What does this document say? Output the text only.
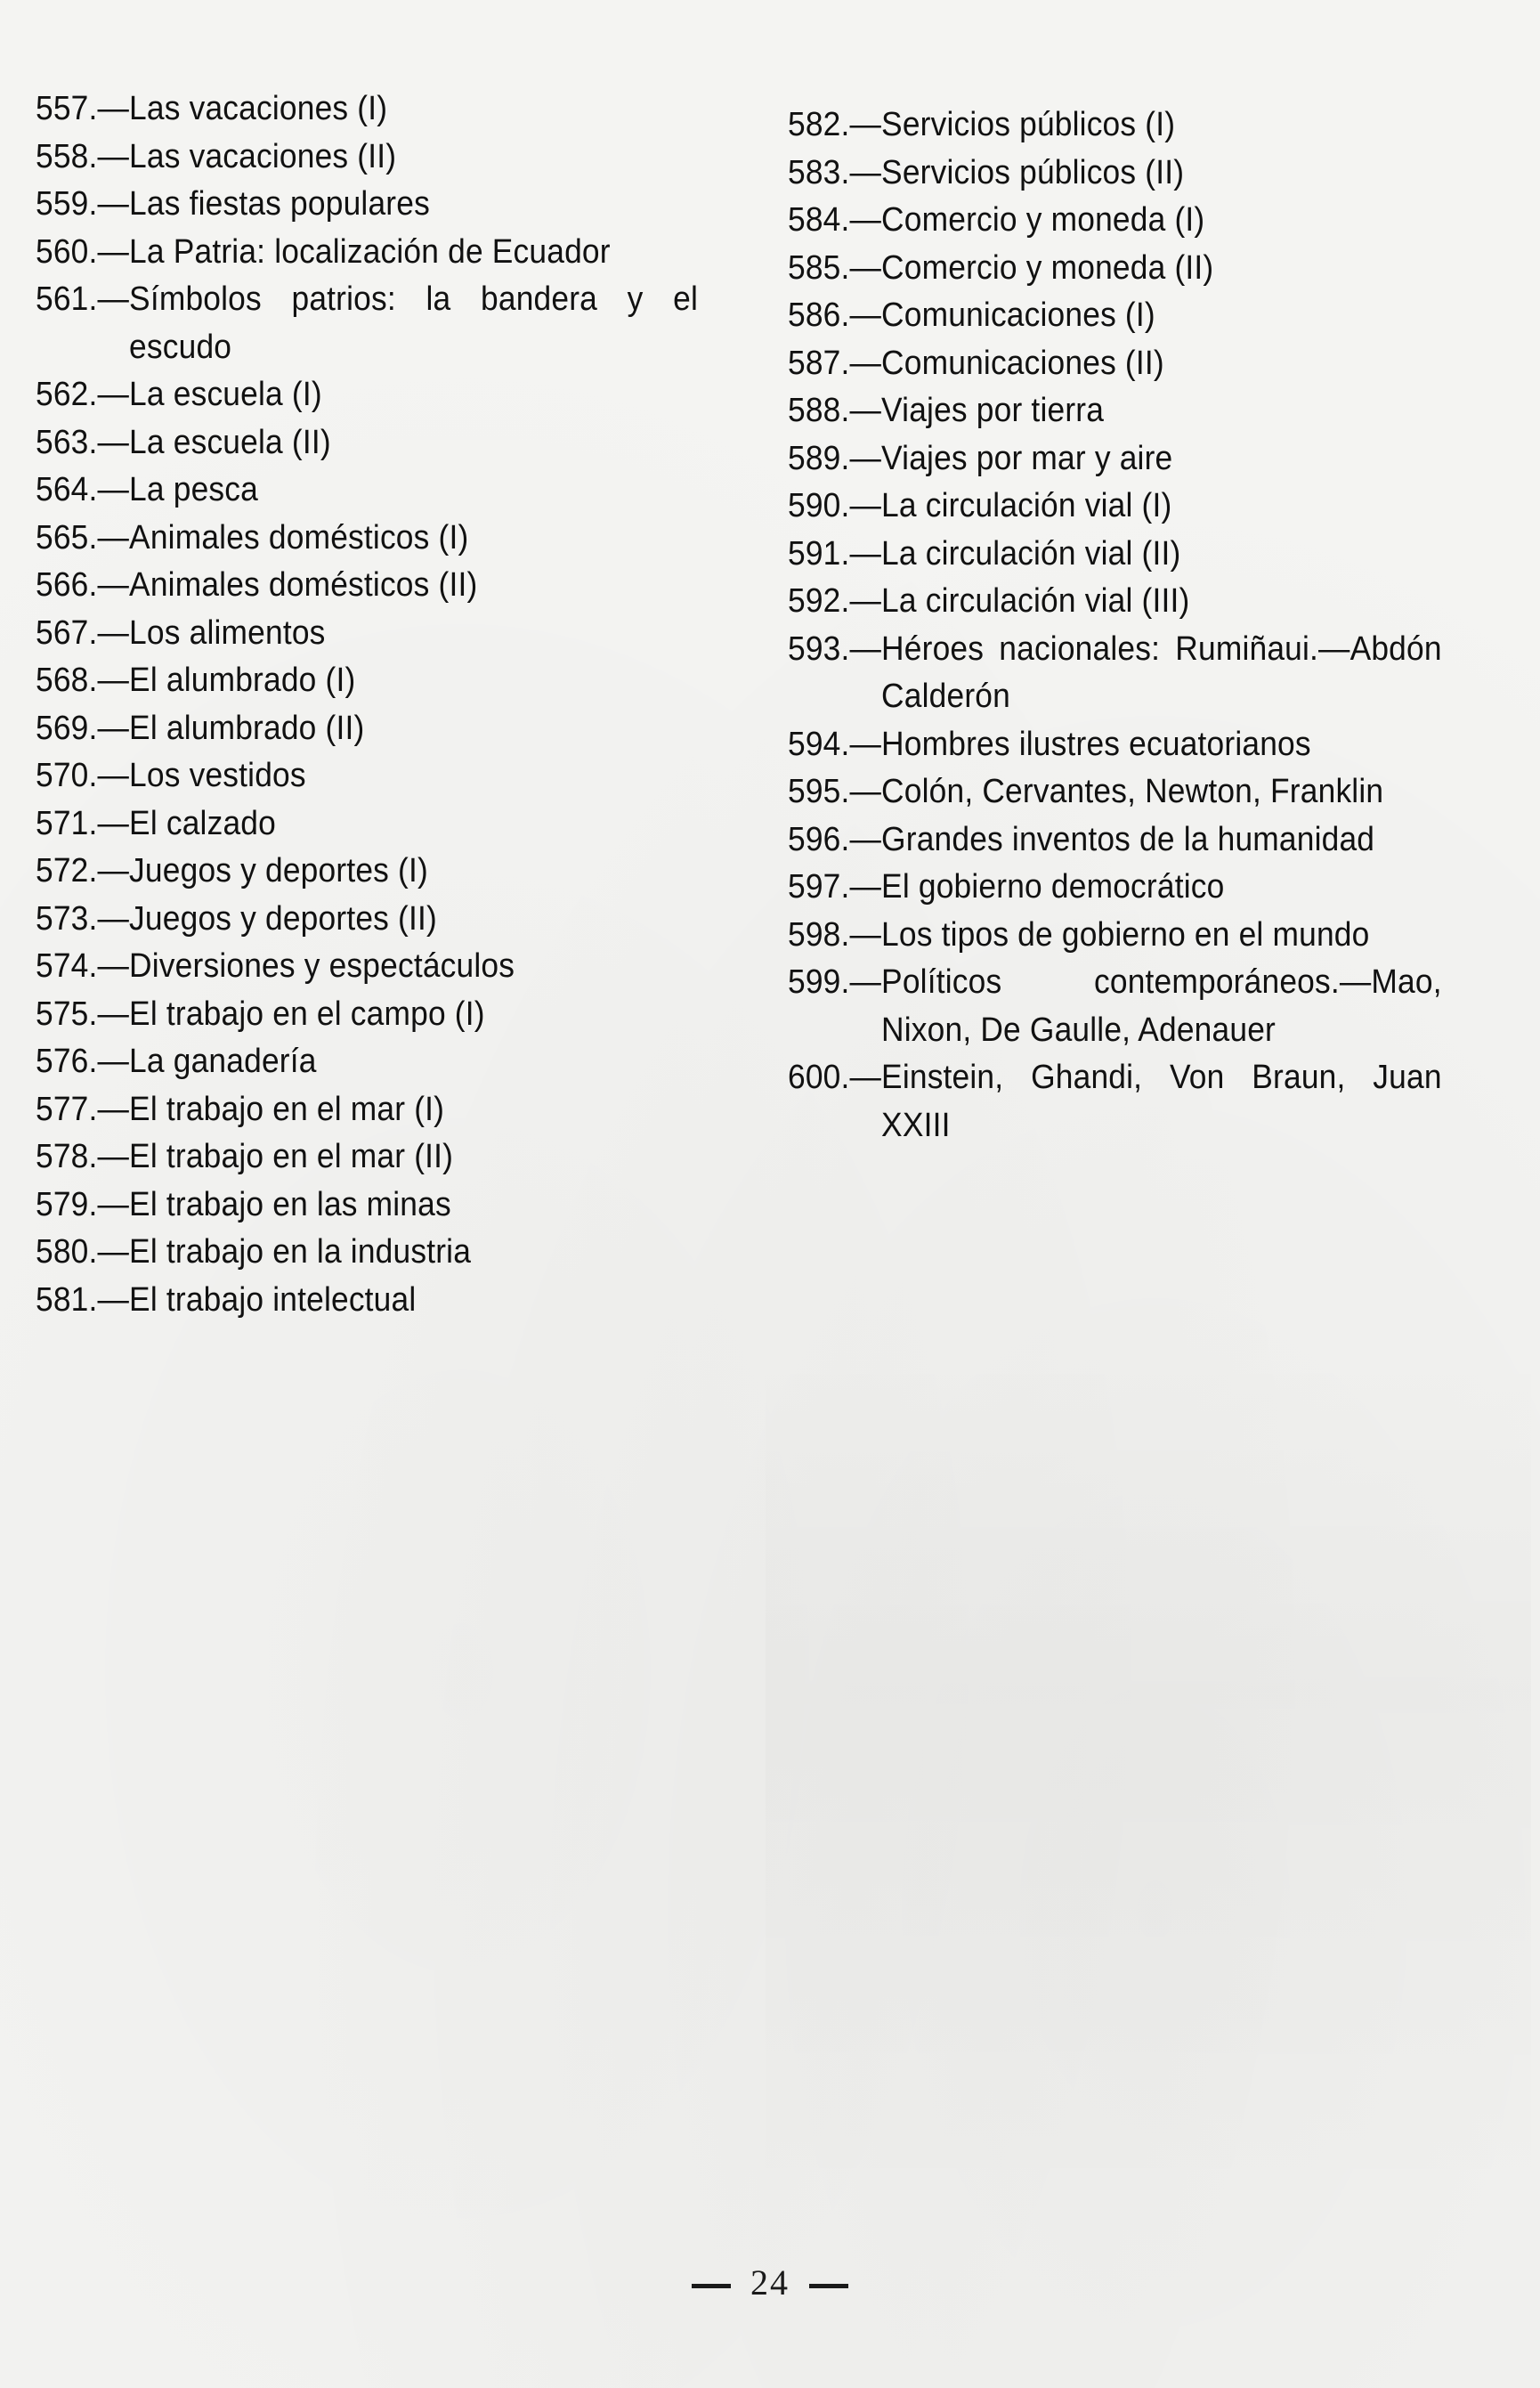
557. — Las vacaciones (I)
558. — Las vacaciones (II)
559. — Las fiestas populares
560. — La Patria: localización de Ecuador
561. — Símbolos patrios: la bandera y el escudo
562. — La escuela (I)
563. — La escuela (II)
564. — La pesca
565. — Animales domésticos (I)
566. — Animales domésticos (II)
567. — Los alimentos
568. — El alumbrado (I)
569. — El alumbrado (II)
570. — Los vestidos
571. — El calzado
572. — Juegos y deportes (I)
573. — Juegos y deportes (II)
574. — Diversiones y espectáculos
575. — El trabajo en el campo (I)
576. — La ganadería
577. — El trabajo en el mar (I)
578. — El trabajo en el mar (II)
579. — El trabajo en las minas
580. — El trabajo en la industria
581. — El trabajo intelectual
582. — Servicios públicos (I)
583. — Servicios públicos (II)
584. — Comercio y moneda (I)
585. — Comercio y moneda (II)
586. — Comunicaciones (I)
587. — Comunicaciones (II)
588. — Viajes por tierra
589. — Viajes por mar y aire
590. — La circulación vial (I)
591. — La circulación vial (II)
592. — La circulación vial (III)
593. — Héroes nacionales: Rumiñaui.—Abdón Calderón
594. — Hombres ilustres ecuatorianos
595. — Colón, Cervantes, Newton, Franklin
596. — Grandes inventos de la humanidad
597. — El gobierno democrático
598. — Los tipos de gobierno en el mundo
599. — Políticos contemporáneos.—Mao, Nixon, De Gaulle, Adenauer
600. — Einstein, Ghandi, Von Braun, Juan XXIII
24
